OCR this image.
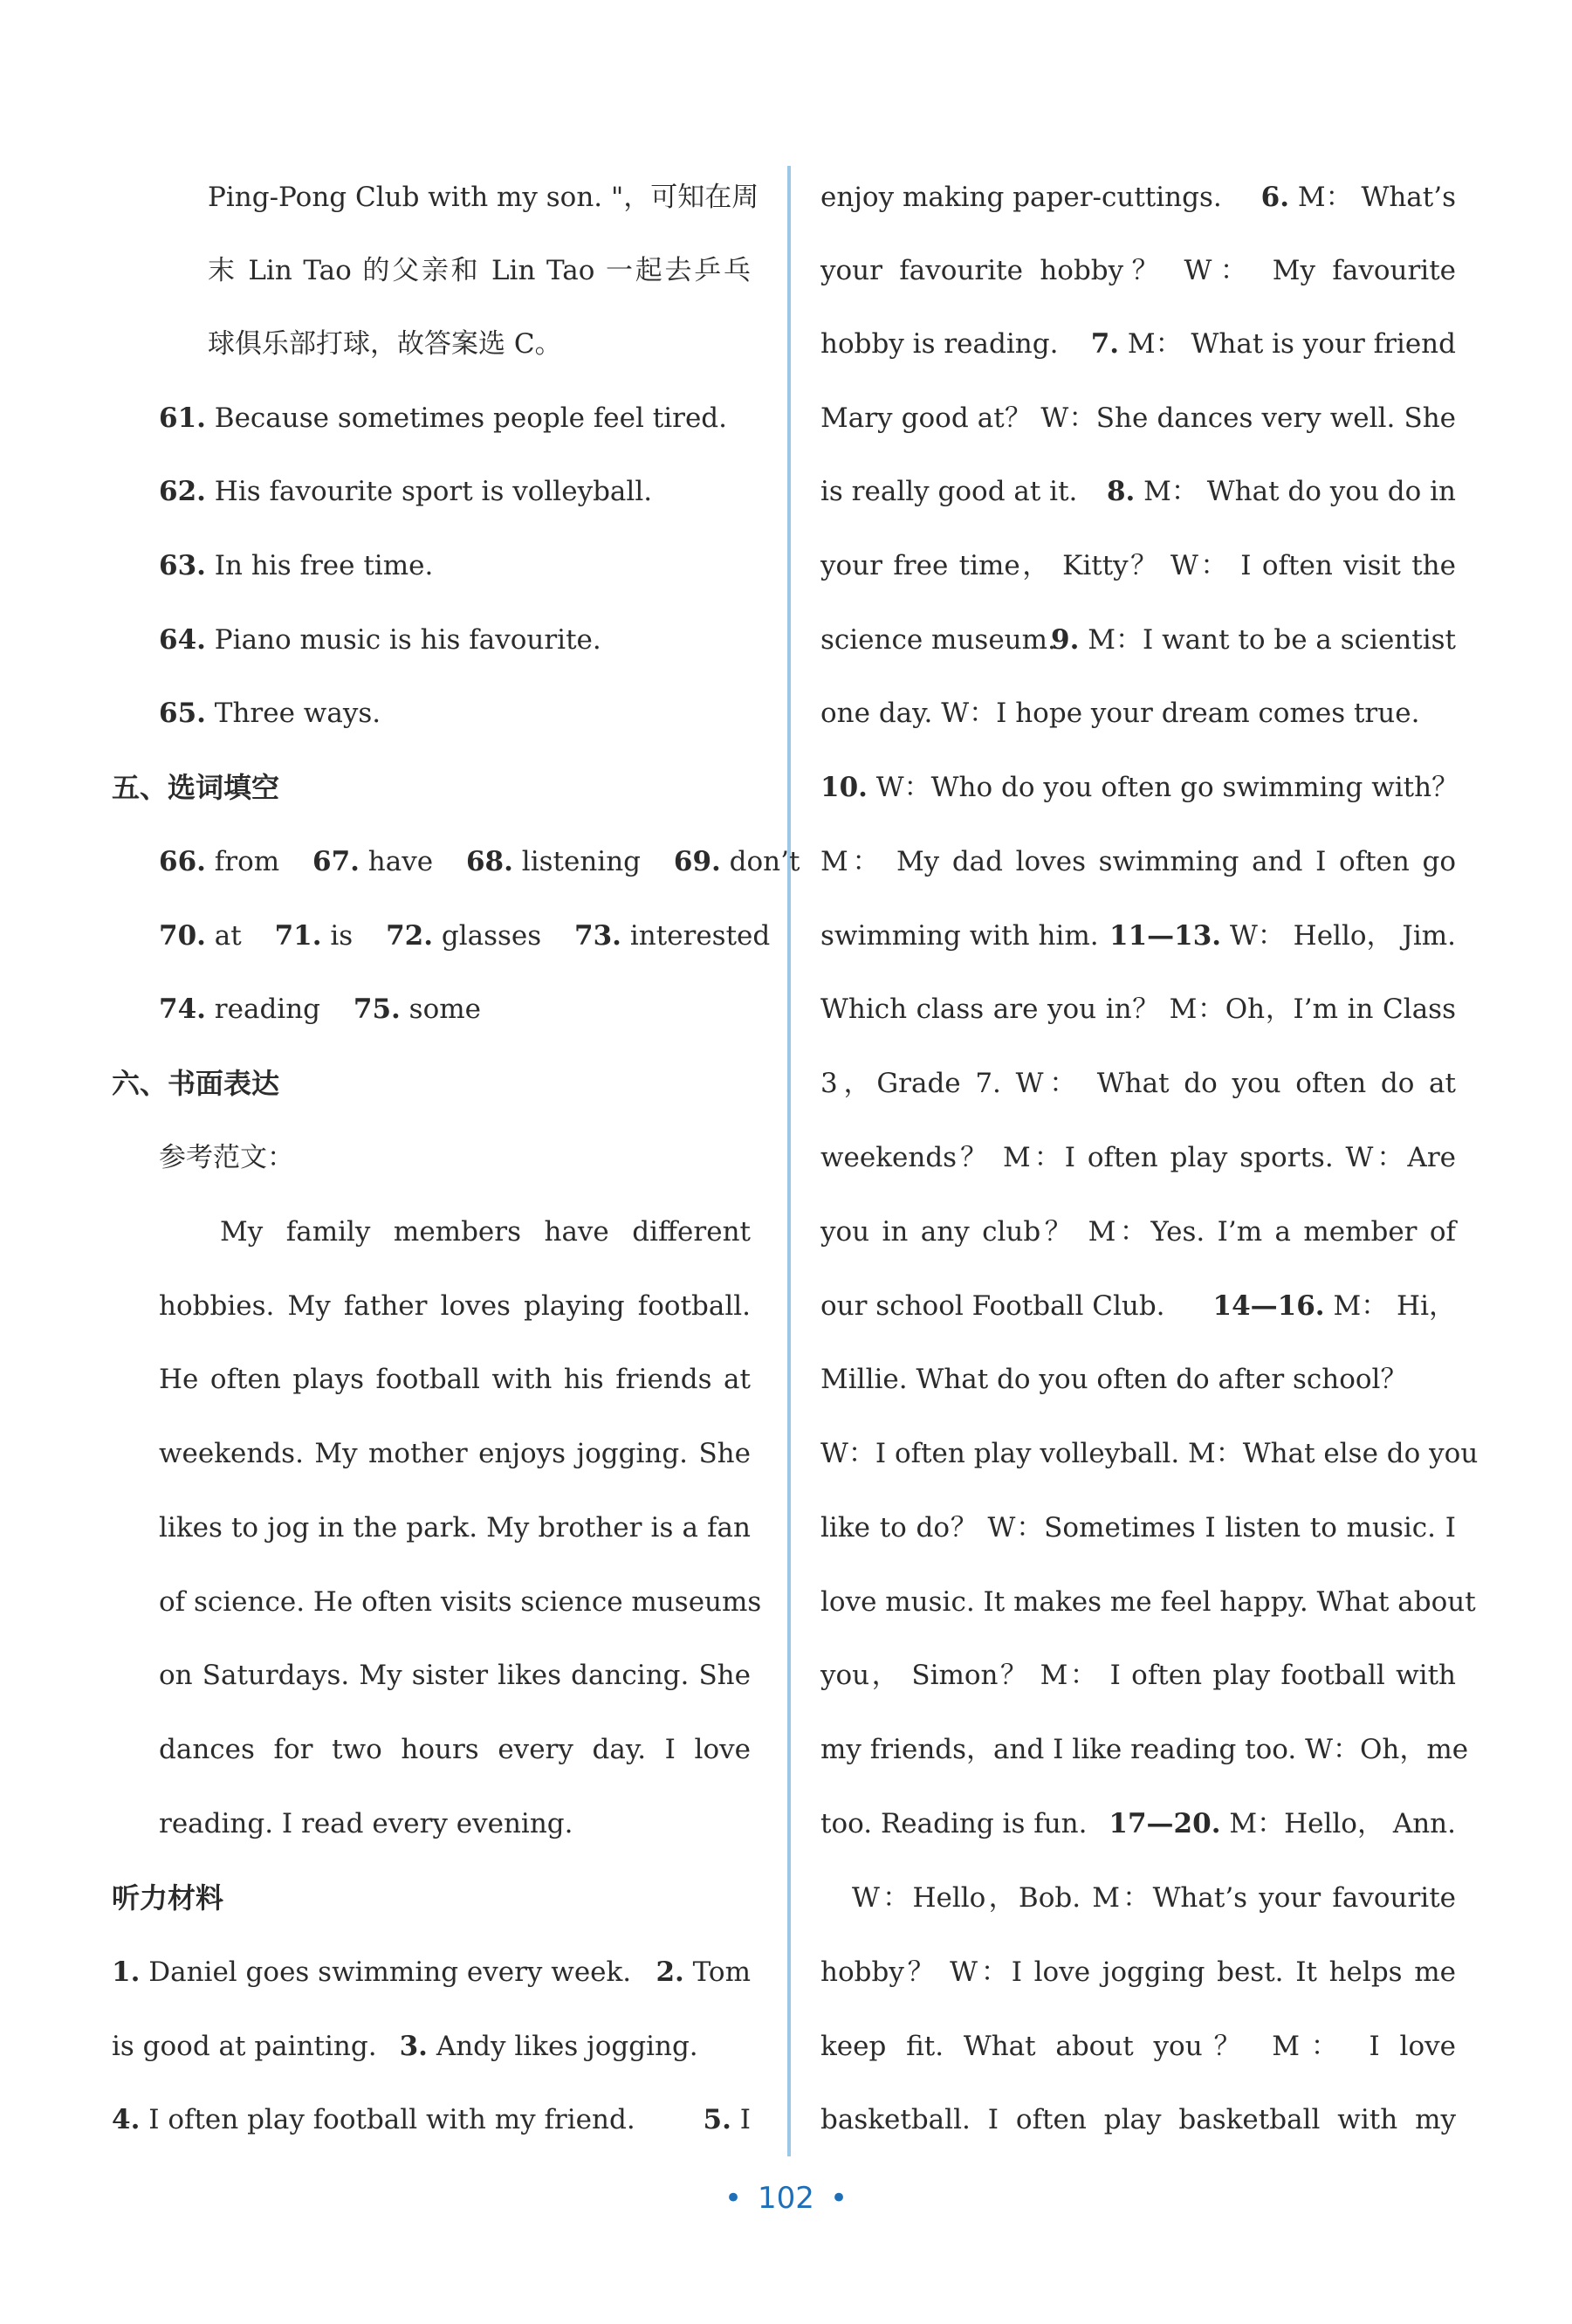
Ping-Pong Club with my son. "，可知在周
末 Lin Tao 的父亲和 Lin Tao 一起去乒乓
球俱乐部打球，故答案选 C。
61. Because sometimes people feel tired.
62. His favourite sport is volleyball.
63. In his free time.
64. Piano music is his favourite.
65. Three ways.
五、选词填空
66. from 67. have 68. listening 69. don’t
70. at 71. is 72. glasses 73. interested
74. reading 75. some
六、书面表达
参考范文：
My family members have different
hobbies. My father loves playing football.
He often plays football with his friends at
weekends. My mother enjoys jogging. She
likes to jog in the park. My brother is a fan
of science. He often visits science museums
on Saturdays. My sister likes dancing. She
dances for two hours every day. I love
reading. I read every evening.
听力材料
1. Daniel goes swimming every week. 2. Tom
is good at painting. 3. Andy likes jogging.
4. I often play football with my friend.	5. I
enjoy making paper-cuttings. 6. M： What’s
your favourite hobby？ W： My favourite
hobby is reading. 7. M： What is your friend
Mary good at？ W：She dances very well. She
is really good at it. 8. M： What do you do in
your free time， Kitty？ W： I often visit the
science museum.
9. M：I want to be a scientist
one day. W：I hope your dream comes true.
10. W：Who do you often go swimming with？
M： My dad loves swimming and I often go
swimming with him. 11—13. W： Hello， Jim.
Which class are you in？ M：Oh，I’m in Class
3，Grade 7. W： What do you often do at
weekends？ M：I often play sports. W：Are
you in any club？ M：Yes. I’m a member of
our school Football Club. 14—16. M： Hi，
Millie. What do you often do after school？
W：I often play volleyball. M：What else do you
like to do？ W：Sometimes I listen to music. I
love music. It makes me feel happy. What about
you， Simon？ M： I often play football with
my friends，and I like reading too. W：Oh，me
too. Reading is fun. 17—20. M：Hello， Ann.
W：Hello，Bob. M：What’s your favourite
hobby？ W：I love jogging best. It helps me
keep fit. What about you？ M： I love
basketball. I often play basketball with my
• 102 •
